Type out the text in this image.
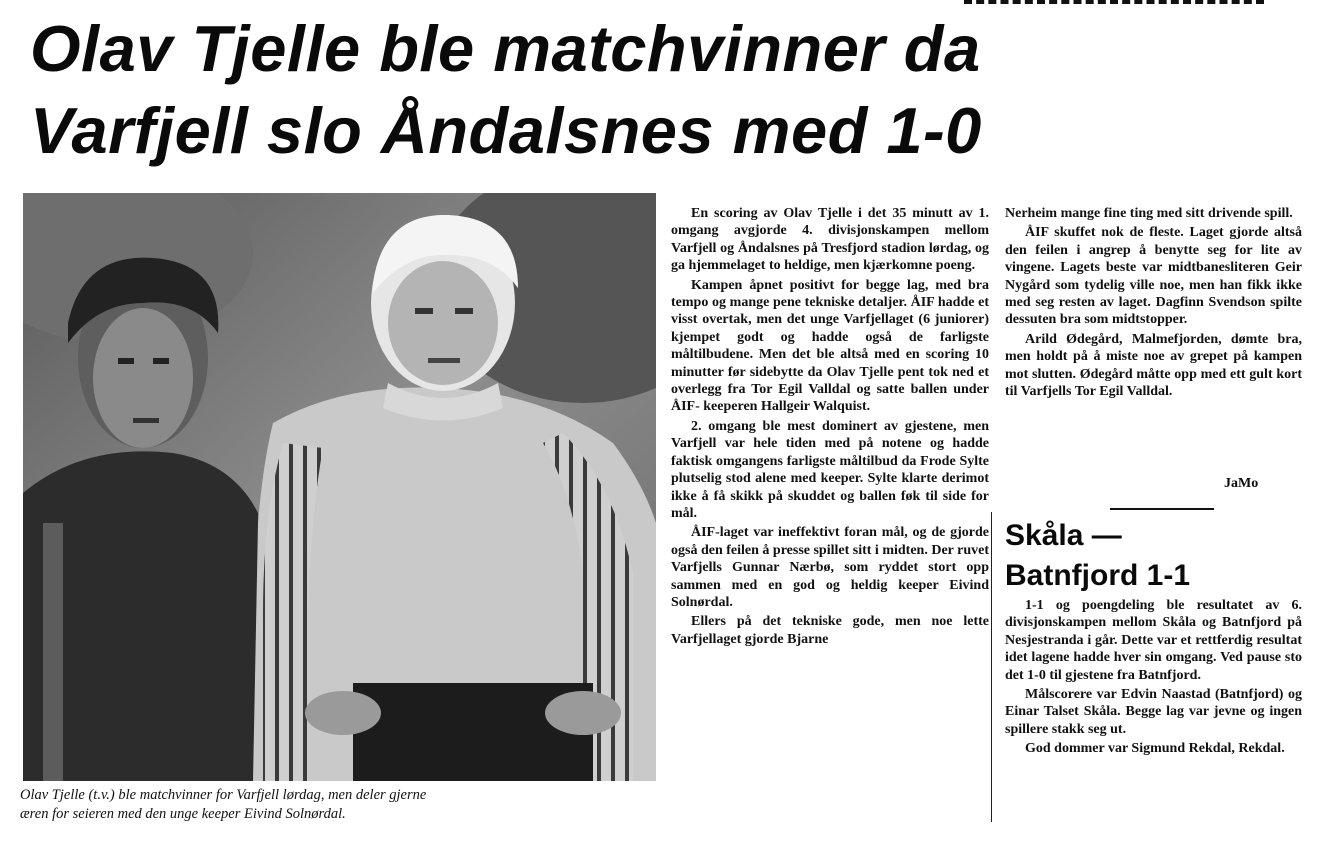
Olav Tjelle ble matchvinner da
Varfjell slo Åndalsnes med 1-0
Olav Tjelle (t.v.) ble matchvinner for Varfjell lørdag, men deler gjerne
æren for seieren med den unge keeper Eivind Solnørdal.

En scoring av Olav Tjelle i det 35 minutt av 1. omgang avgjorde 4. divisjonskampen mellom Varfjell og Åndalsnes på Tresfjord stadion lørdag, og ga hjemmelaget to heldige, men kjærkomne poeng.

Kampen åpnet positivt for begge lag, med bra tempo og mange pene tekniske detaljer. ÅIF hadde et visst overtak, men det unge Varfjellaget (6 juniorer) kjempet godt og hadde også de farligste måltilbudene. Men det ble altså med en scoring 10 minutter før sidebytte da Olav Tjelle pent tok ned et overlegg fra Tor Egil Valldal og satte ballen under ÅIF- keeperen Hallgeir Walquist.

2. omgang ble mest dominert av gjestene, men Varfjell var hele tiden med på notene og hadde faktisk omgangens farligste måltilbud da Frode Sylte plutselig stod alene med keeper. Sylte klarte derimot ikke å få skikk på skuddet og ballen føk til side for mål.

ÅIF-laget var ineffektivt foran mål, og de gjorde også den feilen å presse spillet sitt i midten. Der ruvet Varfjells Gunnar Nærbø, som ryddet stort opp sammen med en god og heldig keeper Eivind Solnørdal.

Ellers på det tekniske gode, men noe lette Varfjellaget gjorde Bjarne

Nerheim mange fine ting med sitt drivende spill.

ÅIF skuffet nok de fleste. Laget gjorde altså den feilen i angrep å benytte seg for lite av vingene. Lagets beste var midtbanesliteren Geir Nygård som tydelig ville noe, men han fikk ikke med seg resten av laget. Dagfinn Svendson spilte dessuten bra som midtstopper.

Arild Ødegård, Malmefjorden, dømte bra, men holdt på å miste noe av grepet på kampen mot slutten. Ødegård måtte opp med ett gult kort til Varfjells Tor Egil Valldal.

JaMo
Skåla —
Batnfjord 1-1

1-1 og poengdeling ble resultatet av 6. divisjonskampen mellom Skåla og Batnfjord på Nesjestranda i går. Dette var et rettferdig resultat idet lagene hadde hver sin omgang. Ved pause sto det 1-0 til gjestene fra Batnfjord.

Målscorere var Edvin Naastad (Batnfjord) og Einar Talset Skåla. Begge lag var jevne og ingen spillere stakk seg ut.

God dommer var Sigmund Rekdal, Rekdal.
